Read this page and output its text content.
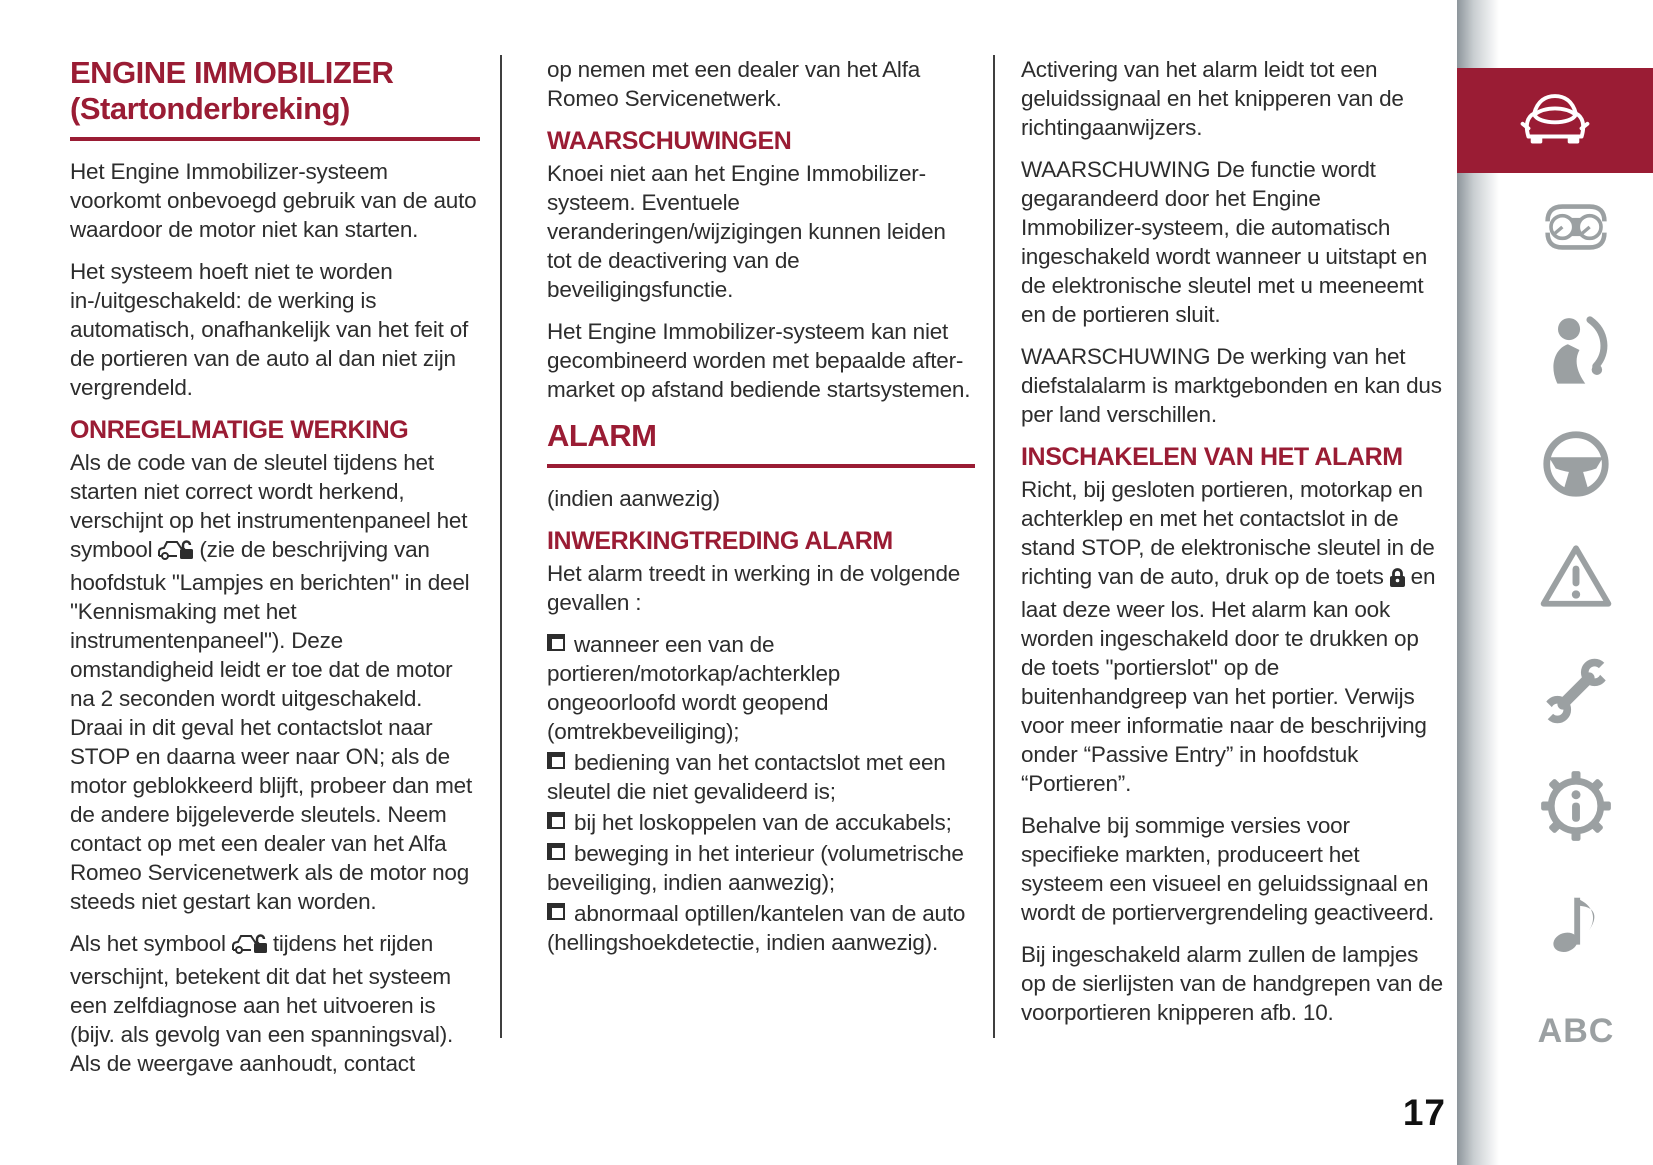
ENGINE IMMOBILIZER
(Startonderbreking)
Het Engine Immobilizer-systeem voorkomt onbevoegd gebruik van de auto waardoor de motor niet kan starten.
Het systeem hoeft niet te worden in-/uitgeschakeld: de werking is automatisch, onafhankelijk van het feit of de portieren van de auto al dan niet zijn vergrendeld.
ONREGELMATIGE WERKING
Als de code van de sleutel tijdens het starten niet correct wordt herkend, verschijnt op het instrumentenpaneel het symbool (zie de beschrijving van hoofdstuk "Lampjes en berichten" in deel "Kennismaking met het instrumentenpaneel"). Deze omstandigheid leidt er toe dat de motor na 2 seconden wordt uitgeschakeld. Draai in dit geval het contactslot naar STOP en daarna weer naar ON; als de motor geblokkeerd blijft, probeer dan met de andere bijgeleverde sleutels. Neem contact op met een dealer van het Alfa Romeo Servicenetwerk als de motor nog steeds niet gestart kan worden.
Als het symbool tijdens het rijden verschijnt, betekent dit dat het systeem een zelfdiagnose aan het uitvoeren is (bijv. als gevolg van een spanningsval). Als de weergave aanhoudt, contact
op nemen met een dealer van het Alfa Romeo Servicenetwerk.
WAARSCHUWINGEN
Knoei niet aan het Engine Immobilizer-systeem. Eventuele veranderingen/wijzigingen kunnen leiden tot de deactivering van de beveiligingsfunctie.
Het Engine Immobilizer-systeem kan niet gecombineerd worden met bepaalde after-market op afstand bediende startsystemen.
ALARM
(indien aanwezig)
INWERKINGTREDING ALARM
Het alarm treedt in werking in de volgende gevallen :
wanneer een van de portieren/motorkap/achterklep ongeoorloofd wordt geopend (omtrekbeveiliging);
bediening van het contactslot met een sleutel die niet gevalideerd is;
bij het loskoppelen van de accukabels;
beweging in het interieur (volumetrische beveiliging, indien aanwezig);
abnormaal optillen/kantelen van de auto (hellingshoekdetectie, indien aanwezig).
Activering van het alarm leidt tot een geluidssignaal en het knipperen van de richtingaanwijzers.
WAARSCHUWING De functie wordt gegarandeerd door het Engine Immobilizer-systeem, die automatisch ingeschakeld wordt wanneer u uitstapt en de elektronische sleutel met u meeneemt en de portieren sluit.
WAARSCHUWING De werking van het diefstalalarm is marktgebonden en kan dus per land verschillen.
INSCHAKELEN VAN HET ALARM
Richt, bij gesloten portieren, motorkap en achterklep en met het contactslot in de stand STOP, de elektronische sleutel in de richting van de auto, druk op de toets en laat deze weer los. Het alarm kan ook worden ingeschakeld door te drukken op de toets "portierslot" op de buitenhandgreep van het portier. Verwijs voor meer informatie naar de beschrijving onder “Passive Entry” in hoofdstuk “Portieren”.
Behalve bij sommige versies voor specifieke markten, produceert het systeem een visueel en geluidssignaal en wordt de portiervergrendeling geactiveerd.
Bij ingeschakeld alarm zullen de lampjes op de sierlijsten van de handgrepen van de voorportieren knipperen afb. 10.	ABC
17
